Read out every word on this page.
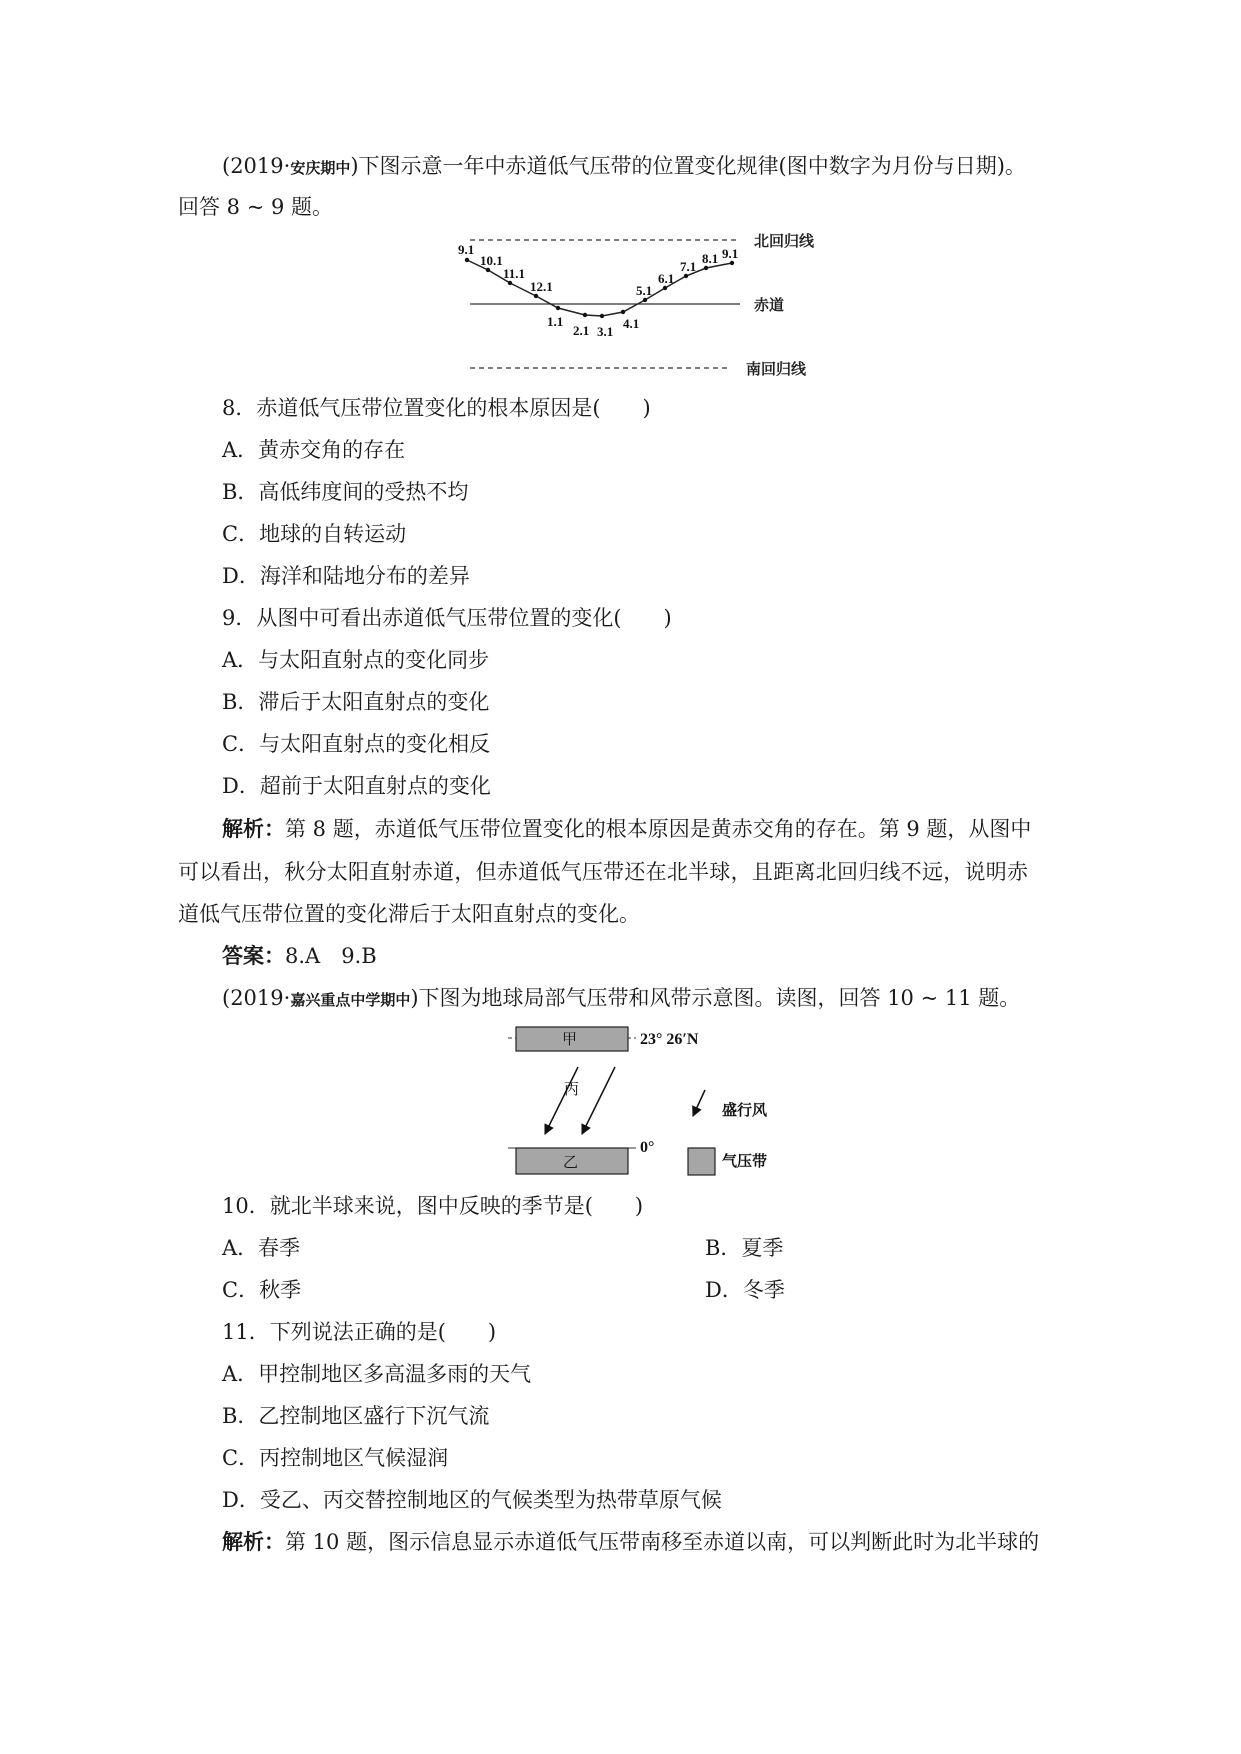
(2019·安庆期中)下图示意一年中赤道低气压带的位置变化规律(图中数字为月份与日期)。
回答 8 ~ 9 题。
北回归线
赤道
南回归线
9.1
10.1
11.1
12.1
1.1
2.1 3.1
4.1
5.1
6.1
7.1
8.1 9.1
8．赤道低气压带位置变化的根本原因是(　　)
A．黄赤交角的存在
B．高低纬度间的受热不均
C．地球的自转运动
D．海洋和陆地分布的差异
9．从图中可看出赤道低气压带位置的变化(　　)
A．与太阳直射点的变化同步
B．滞后于太阳直射点的变化
C．与太阳直射点的变化相反
D．超前于太阳直射点的变化
解析：第 8 题，赤道低气压带位置变化的根本原因是黄赤交角的存在。第 9 题，从图中
可以看出，秋分太阳直射赤道，但赤道低气压带还在北半球，且距离北回归线不远，说明赤
道低气压带位置的变化滞后于太阳直射点的变化。
答案：8.A　9.B
(2019·嘉兴重点中学期中)下图为地球局部气压带和风带示意图。读图，回答 10 ~ 11 题。
甲	23° 26′N
丙
乙
0°
盛行风
气压带
10．就北半球来说，图中反映的季节是(　　)
A．春季	B．夏季
C．秋季	D．冬季
11．下列说法正确的是(　　)
A．甲控制地区多高温多雨的天气
B．乙控制地区盛行下沉气流
C．丙控制地区气候湿润
D．受乙、丙交替控制地区的气候类型为热带草原气候
解析：第 10 题，图示信息显示赤道低气压带南移至赤道以南，可以判断此时为北半球的
